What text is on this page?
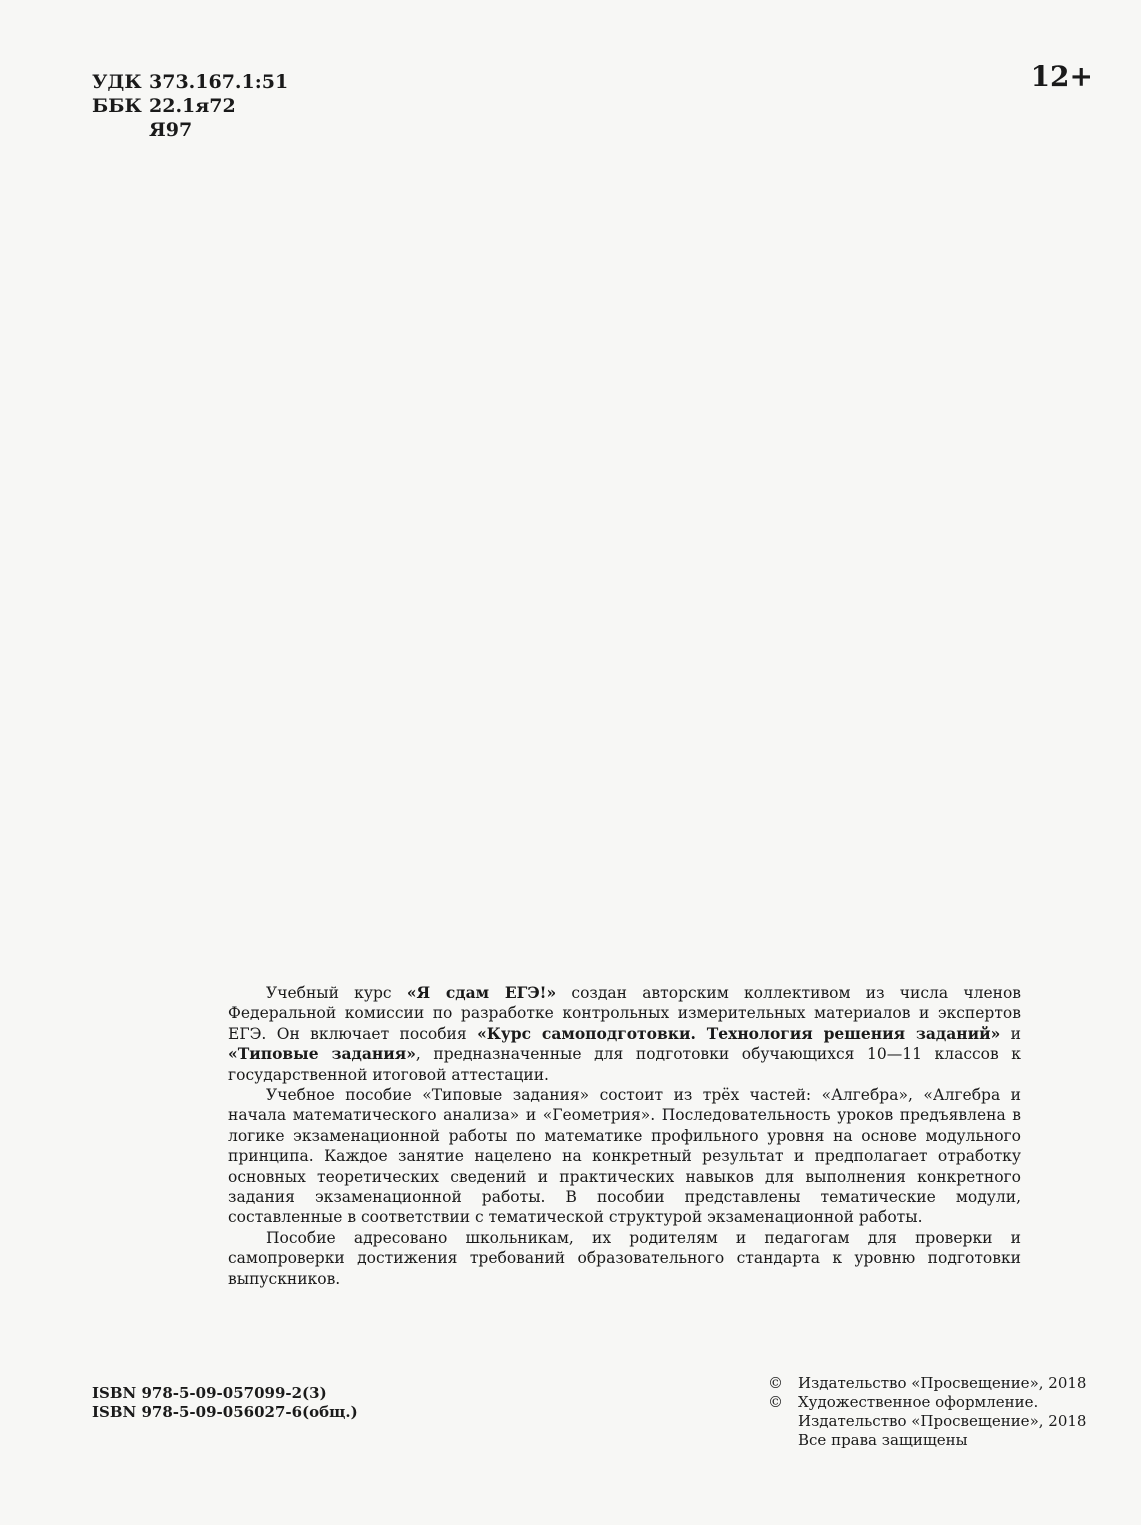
УДК 373.167.1:51
ББК 22.1я72
Я97
12+

Учебный курс «Я сдам ЕГЭ!» создан авторским коллективом из числа членов Федеральной комиссии по разработке контрольных измерительных материалов и экспертов ЕГЭ. Он включает пособия «Курс самоподготовки. Технология решения заданий» и «Типовые задания», предназначенные для подготовки обучающихся 10—11 классов к государственной итоговой аттестации.

Учебное пособие «Типовые задания» состоит из трёх частей: «Алгебра», «Алгебра и начала математического анализа» и «Геометрия». Последовательность уроков предъявлена в логике экзаменационной работы по математике профильного уровня на основе модульного принципа. Каждое занятие нацелено на конкретный результат и предполагает отработку основных теоретических сведений и практических навыков для выполнения конкретного задания экзаменационной работы. В пособии представлены тематические модули, составленные в соответствии с тематической структурой экзаменационной работы.

Пособие адресовано школьникам, их родителям и педагогам для проверки и самопроверки достижения требований образовательного стандарта к уровню подготовки выпускников.

ISBN 978-5-09-057099-2(3)
ISBN 978-5-09-056027-6(общ.)
©	Издательство «Просвещение», 2018
©	Художественное оформление.
Издательство «Просвещение», 2018
Все права защищены
